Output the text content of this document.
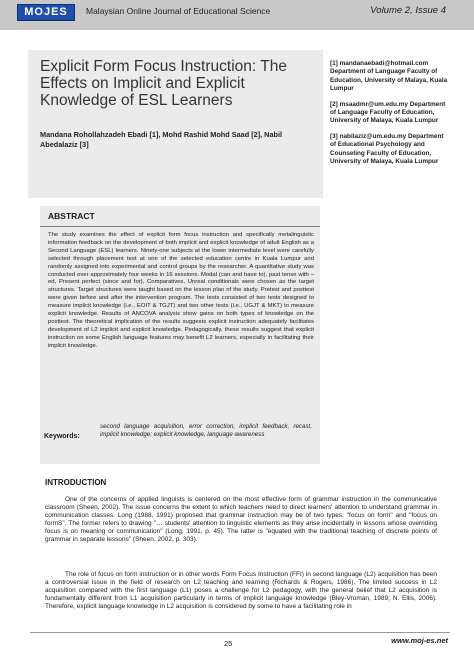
MOJES	Malaysian Online Journal of Educational Science	Volume 2, Issue 4
Explicit Form Focus Instruction: The Effects on Implicit and Explicit Knowledge of ESL Learners
Mandana Rohollahzadeh Ebadi [1], Mohd Rashid Mohd Saad [2], Nabil Abedalaziz [3]
[1] mandanaebadi@hotmail.com Department of Language Faculty of Education, University of Malaya, Kuala Lumpur
[2] msaadmr@um.edu.my Department of Language Faculty of Education, University of Malaya, Kuala Lumpur
[3] nabilaziz@um.edu.my Department of Educational Psychology and Counseling Faculty of Education, University of Malaya, Kuala Lumpur
ABSTRACT
The study examines the effect of explicit form focus instruction and specifically metalinguistic information feedback on the development of both implicit and explicit knowledge of adult English as a Second Language (ESL) learners. Ninety-one subjects at the lower intermediate level were carefully selected through placement test at one of the selected education centre in Kuala Lumpur and randomly assigned into experimental and control groups by the researcher. A quantitative study was conducted over approximately four weeks in 16 sessions. Modal (can and have to), past tense with –ed, Present perfect (since and for), Comparatives, Unreal conditionals were chosen as the target structures. Target structures were taught based on the lesson plan of the study. Pretest and posttest were given before and after the intervention program. The tests consisted of two tests designed to measure implicit knowledge (i.e., EOIT & TGJT) and two other tests (i.e., UGJT & MKT) to measure explicit knowledge. Results of ANCOVA analysis show gains on both types of knowledge on the posttest. The theoretical implication of the results suggests explicit instruction adequately facilitates development of L2 implicit and explicit knowledge. Pedagogically, these results suggest that explicit instruction on some English language features may benefit L2 learners, especially in facilitating their implicit knowledge.
Keywords:
second language acquisition, error correction, implicit feedback, recast, implicit knowledge; explicit knowledge, language awareness
INTRODUCTION
One of the concerns of applied linguists is centered on the most effective form of grammar instruction in the communicative classroom (Sheen, 2002). The issue concerns the extent to which teachers need to direct learners' attention to understand grammar in communication classes. Long (1988, 1991) proposed that grammar instruction may be of two types: "focus on form" and "focus on formS". The former refers to drawing "… students' attention to linguistic elements as they arise incidentally in lessons whose overriding focus is on meaning or communication" (Long, 1991, p. 45). The latter is "equated with the traditional teaching of discrete points of grammar in separate lessons" (Sheen, 2002, p. 303).
The role of focus on form instruction or in other words Form Focus Instruction (FFI) in second language (L2) acquisition has been a controversial issue in the field of research on L2 teaching and learning (Richards & Rogers, 1986). The limited success in L2 acquisition compared with the first language (L1) poses a challenge for L2 pedagogy, with the general belief that L2 acquisition is fundamentally different from L1 acquisition particularly in terms of implicit language knowledge (Bley-Vroman, 1989; N. Ellis, 2006). Therefore, explicit language knowledge in L2 acquisition is considered by some to have a facilitating role in
25	www.moj-es.net
